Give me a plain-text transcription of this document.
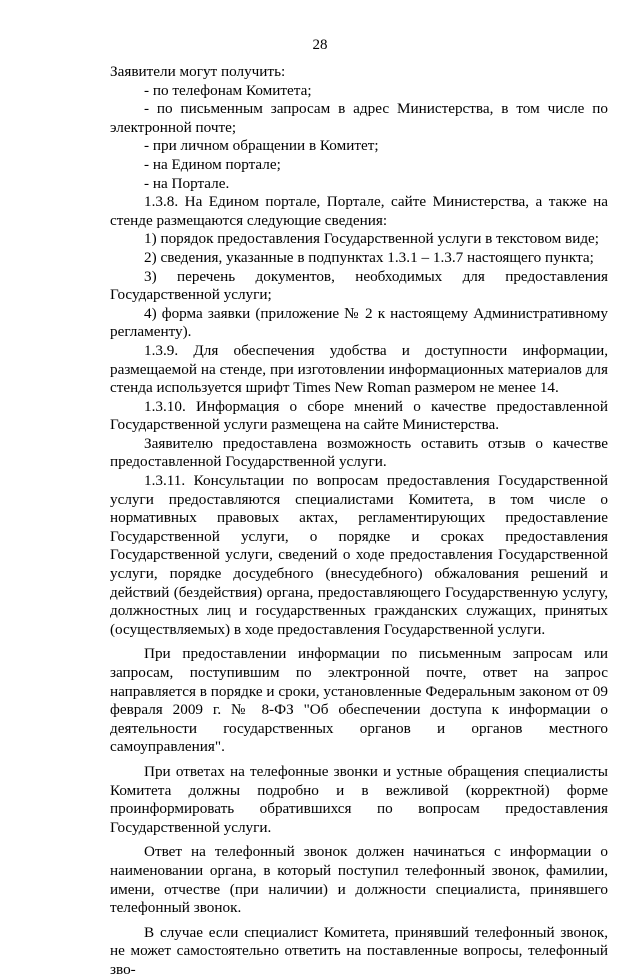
28

Заявители могут получить:

- по телефонам Комитета;

- по письменным запросам в адрес Министерства, в том числе по электронной почте;

- при личном обращении в Комитет;

- на Едином портале;

- на Портале.

1.3.8. На Едином портале, Портале, сайте Министерства, а также на стенде размещаются следующие сведения:

1) порядок предоставления Государственной услуги в текстовом виде;

2) сведения, указанные в подпунктах 1.3.1 – 1.3.7 настоящего пункта;

3) перечень документов, необходимых для предоставления Государственной услуги;

4) форма заявки (приложение № 2 к настоящему Административному регламенту).

1.3.9. Для обеспечения удобства и доступности информации, размещаемой на стенде, при изготовлении информационных материалов для стенда используется шрифт Times New Roman размером не менее 14.

1.3.10. Информация о сборе мнений о качестве предоставленной Государственной услуги размещена на сайте Министерства.

Заявителю предоставлена возможность оставить отзыв о качестве предоставленной Государственной услуги.

1.3.11. Консультации по вопросам предоставления Государственной услуги предоставляются специалистами Комитета, в том числе о нормативных правовых актах, регламентирующих предоставление Государственной услуги, о порядке и сроках предоставления Государственной услуги, сведений о ходе предоставления Государственной услуги, порядке досудебного (внесудебного) обжалования решений и действий (бездействия) органа, предоставляющего Государственную услугу, должностных лиц и государственных гражданских служащих, принятых (осуществляемых) в ходе предоставления Государственной услуги.

При предоставлении информации по письменным запросам или запросам, поступившим по электронной почте, ответ на запрос направляется в порядке и сроки, установленные Федеральным законом от 09 февраля 2009 г. № 8-ФЗ "Об обеспечении доступа к информации о деятельности государственных органов и органов местного самоуправления".

При ответах на телефонные звонки и устные обращения специалисты Комитета должны подробно и в вежливой (корректной) форме проинформировать обратившихся по вопросам предоставления Государственной услуги.

Ответ на телефонный звонок должен начинаться с информации о наименовании органа, в который поступил телефонный звонок, фамилии, имени, отчестве (при наличии) и должности специалиста, принявшего телефонный звонок.

В случае если специалист Комитета, принявший телефонный звонок, не может самостоятельно ответить на поставленные вопросы, телефонный зво-
